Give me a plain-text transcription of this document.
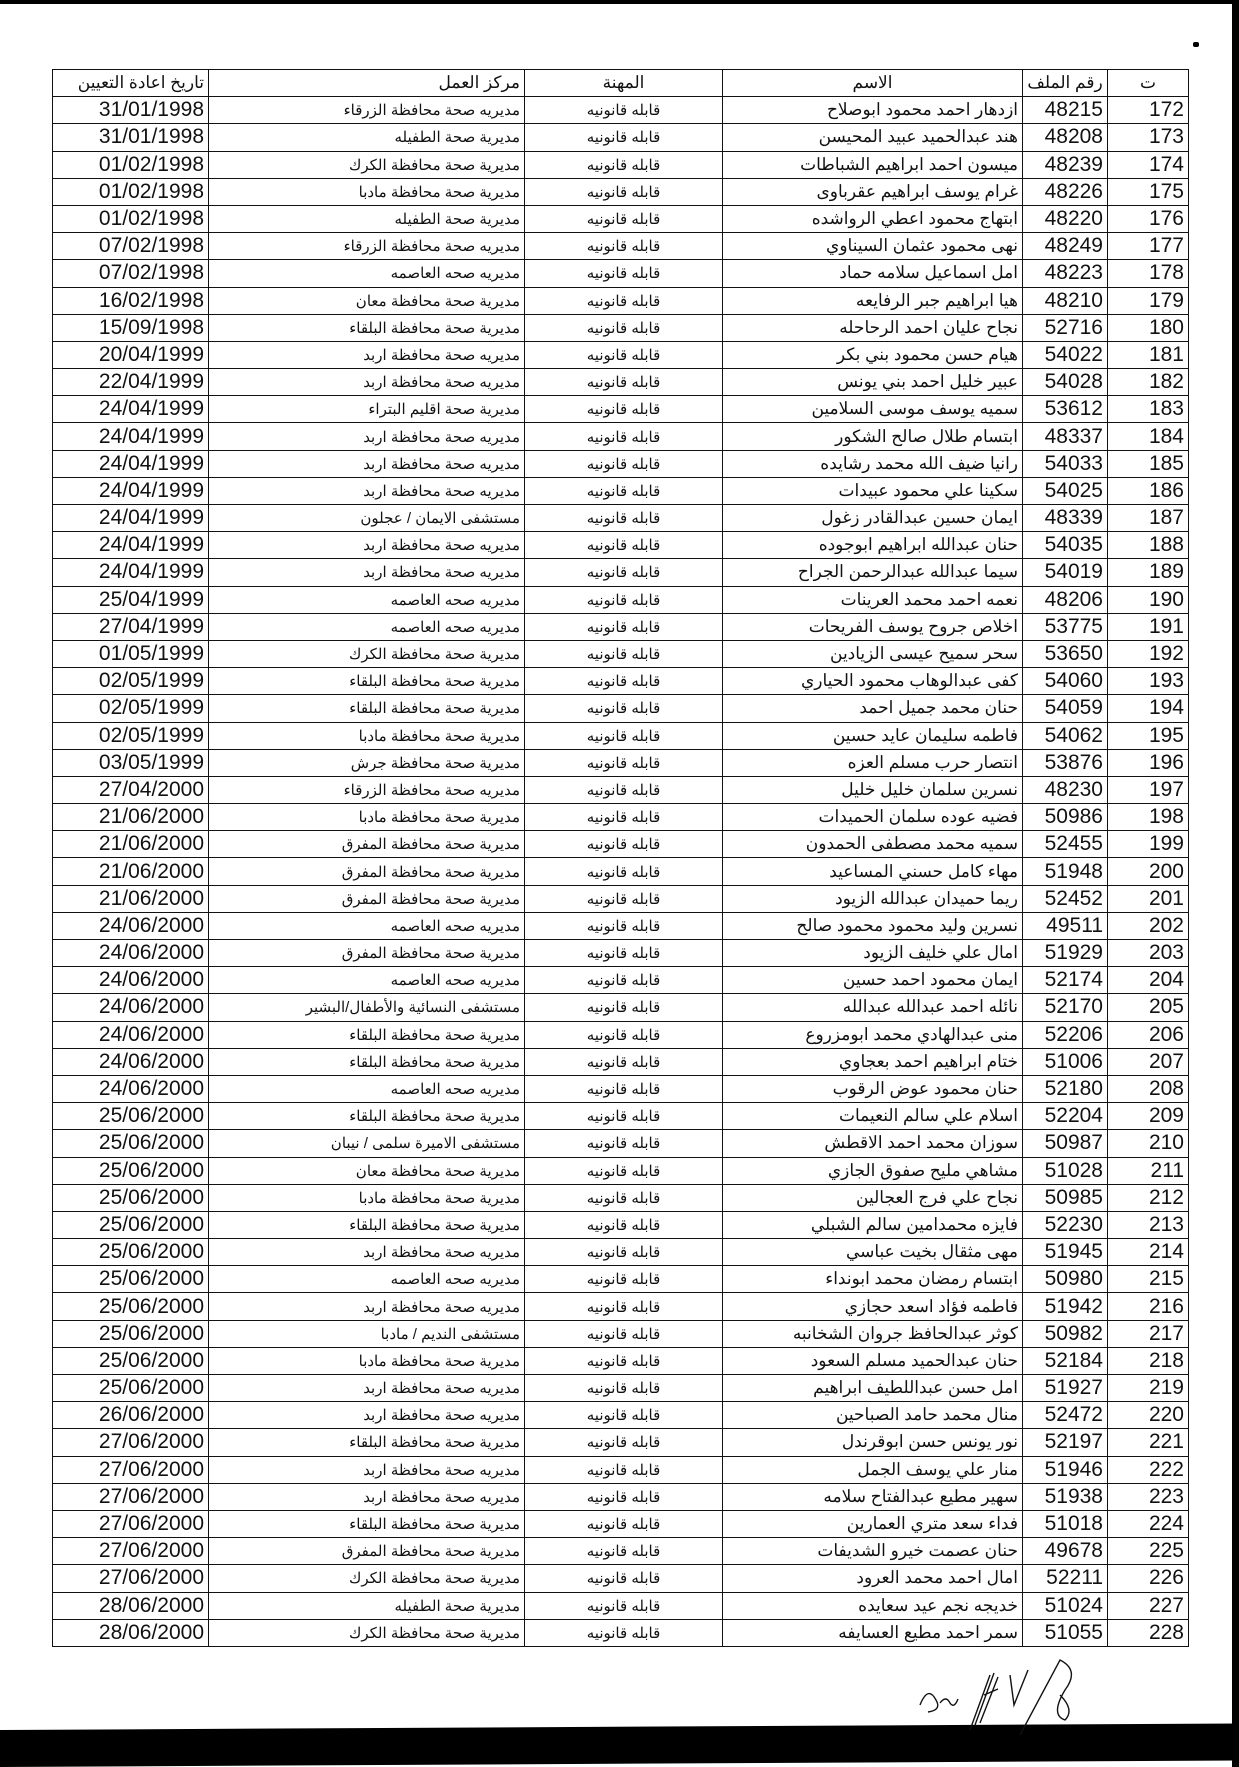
ت	رقم الملف	الاسم	المهنة	مركز العمل	تاريخ اعادة التعيين
172	48215	ازدهار احمد محمود ابوصلاح	قابله قانونيه	مديريه صحة محافظة الزرقاء	31/01/1998
173	48208	هند عبدالحميد عبيد المحيسن	قابله قانونيه	مديرية صحة الطفيله	31/01/1998
174	48239	ميسون احمد ابراهيم الشباطات	قابله قانونيه	مديرية صحة محافظة الكرك	01/02/1998
175	48226	غرام يوسف ابراهيم عقرباوى	قابله قانونيه	مديرية صحة محافظة مادبا	01/02/1998
176	48220	ابتهاج محمود اعطي الرواشده	قابله قانونيه	مديرية صحة الطفيله	01/02/1998
177	48249	نهى محمود عثمان السيناوي	قابله قانونيه	مديريه صحة محافظة الزرقاء	07/02/1998
178	48223	امل اسماعيل سلامه حماد	قابله قانونيه	مديريه صحه العاصمه	07/02/1998
179	48210	هيا ابراهيم جبر الرفايعه	قابله قانونيه	مديرية صحة محافظة معان	16/02/1998
180	52716	نجاح عليان احمد الرحاحله	قابله قانونيه	مديرية صحة محافظة البلقاء	15/09/1998
181	54022	هيام حسن محمود بني بكر	قابله قانونيه	مديريه صحة محافظة اربد	20/04/1999
182	54028	عبير خليل احمد بني يونس	قابله قانونيه	مديريه صحة محافظة اربد	22/04/1999
183	53612	سميه يوسف موسى السلامين	قابله قانونيه	مديرية صحة اقليم البتراء	24/04/1999
184	48337	ابتسام طلال صالح الشكور	قابله قانونيه	مديريه صحة محافظة اربد	24/04/1999
185	54033	رانيا ضيف الله محمد رشايده	قابله قانونيه	مديريه صحة محافظة اربد	24/04/1999
186	54025	سكينا علي محمود عبيدات	قابله قانونيه	مديريه صحة محافظة اربد	24/04/1999
187	48339	ايمان حسين عبدالقادر زغول	قابله قانونيه	مستشفى الايمان / عجلون	24/04/1999
188	54035	حنان عبدالله ابراهيم ابوجوده	قابله قانونيه	مديريه صحة محافظة اربد	24/04/1999
189	54019	سيما عبدالله عبدالرحمن الجراح	قابله قانونيه	مديريه صحة محافظة اربد	24/04/1999
190	48206	نعمه احمد محمد العرينات	قابله قانونيه	مديريه صحه العاصمه	25/04/1999
191	53775	اخلاص جروح يوسف الفريحات	قابله قانونيه	مديريه صحه العاصمه	27/04/1999
192	53650	سحر سميح عيسى الزيادين	قابله قانونيه	مديرية صحة محافظة الكرك	01/05/1999
193	54060	كفى عبدالوهاب محمود الحياري	قابله قانونيه	مديرية صحة محافظة البلقاء	02/05/1999
194	54059	حنان محمد جميل احمد	قابله قانونيه	مديرية صحة محافظة البلقاء	02/05/1999
195	54062	فاطمه سليمان عايد حسين	قابله قانونيه	مديرية صحة محافظة مادبا	02/05/1999
196	53876	انتصار حرب مسلم العزه	قابله قانونيه	مديرية صحة محافظة جرش	03/05/1999
197	48230	نسرين سلمان خليل خليل	قابله قانونيه	مديريه صحة محافظة الزرقاء	27/04/2000
198	50986	فضيه عوده سلمان الحميدات	قابله قانونيه	مديرية صحة محافظة مادبا	21/06/2000
199	52455	سميه محمد مصطفى الحمدون	قابله قانونيه	مديرية صحة محافظة المفرق	21/06/2000
200	51948	مهاء كامل حسني المساعيد	قابله قانونيه	مديرية صحة محافظة المفرق	21/06/2000
201	52452	ريما حميدان عبدالله الزيود	قابله قانونيه	مديرية صحة محافظة المفرق	21/06/2000
202	49511	نسرين وليد محمود محمود صالح	قابله قانونيه	مديريه صحه العاصمه	24/06/2000
203	51929	امال علي خليف الزيود	قابله قانونيه	مديرية صحة محافظة المفرق	24/06/2000
204	52174	ايمان محمود احمد حسين	قابله قانونيه	مديريه صحه العاصمه	24/06/2000
205	52170	نائله احمد عبدالله عبدالله	قابله قانونيه	مستشفى النسائية والأطفال/البشير	24/06/2000
206	52206	منى عبدالهادي محمد ابومزروع	قابله قانونيه	مديرية صحة محافظة البلقاء	24/06/2000
207	51006	ختام ابراهيم احمد بعجاوي	قابله قانونيه	مديرية صحة محافظة البلقاء	24/06/2000
208	52180	حنان محمود عوض الرقوب	قابله قانونيه	مديريه صحه العاصمه	24/06/2000
209	52204	اسلام علي سالم النعيمات	قابله قانونيه	مديرية صحة محافظة البلقاء	25/06/2000
210	50987	سوزان محمد احمد الاقطش	قابله قانونيه	مستشفى الاميرة سلمى / نيبان	25/06/2000
211	51028	مشاهي مليح صفوق الجازي	قابله قانونيه	مديرية صحة محافظة معان	25/06/2000
212	50985	نجاح علي فرج العجالين	قابله قانونيه	مديرية صحة محافظة مادبا	25/06/2000
213	52230	فايزه محمدامين سالم الشبلي	قابله قانونيه	مديرية صحة محافظة البلقاء	25/06/2000
214	51945	مهى مثقال بخيت عباسي	قابله قانونيه	مديريه صحة محافظة اربد	25/06/2000
215	50980	ابتسام رمضان محمد ابونداء	قابله قانونيه	مديريه صحه العاصمه	25/06/2000
216	51942	فاطمه فؤاد اسعد حجازي	قابله قانونيه	مديريه صحة محافظة اربد	25/06/2000
217	50982	كوثر عبدالحافظ جروان الشخانبه	قابله قانونيه	مستشفى النديم / مادبا	25/06/2000
218	52184	حنان عبدالحميد مسلم السعود	قابله قانونيه	مديرية صحة محافظة مادبا	25/06/2000
219	51927	امل حسن عبداللطيف ابراهيم	قابله قانونيه	مديريه صحة محافظة اربد	25/06/2000
220	52472	منال محمد حامد الصباحين	قابله قانونيه	مديريه صحة محافظة اربد	26/06/2000
221	52197	نور يونس حسن ابوقرندل	قابله قانونيه	مديرية صحة محافظة البلقاء	27/06/2000
222	51946	منار علي يوسف الجمل	قابله قانونيه	مديريه صحة محافظة اربد	27/06/2000
223	51938	سهير مطيع عبدالفتاح سلامه	قابله قانونيه	مديريه صحة محافظة اربد	27/06/2000
224	51018	فداء سعد متري العمارين	قابله قانونيه	مديرية صحة محافظة البلقاء	27/06/2000
225	49678	حنان عصمت خيرو الشديفات	قابله قانونيه	مديرية صحة محافظة المفرق	27/06/2000
226	52211	امال احمد محمد العرود	قابله قانونيه	مديرية صحة محافظة الكرك	27/06/2000
227	51024	خديجه نجم عيد سعايده	قابله قانونيه	مديرية صحة الطفيله	28/06/2000
228	51055	سمر احمد مطيع العسايفه	قابله قانونيه	مديرية صحة محافظة الكرك	28/06/2000
